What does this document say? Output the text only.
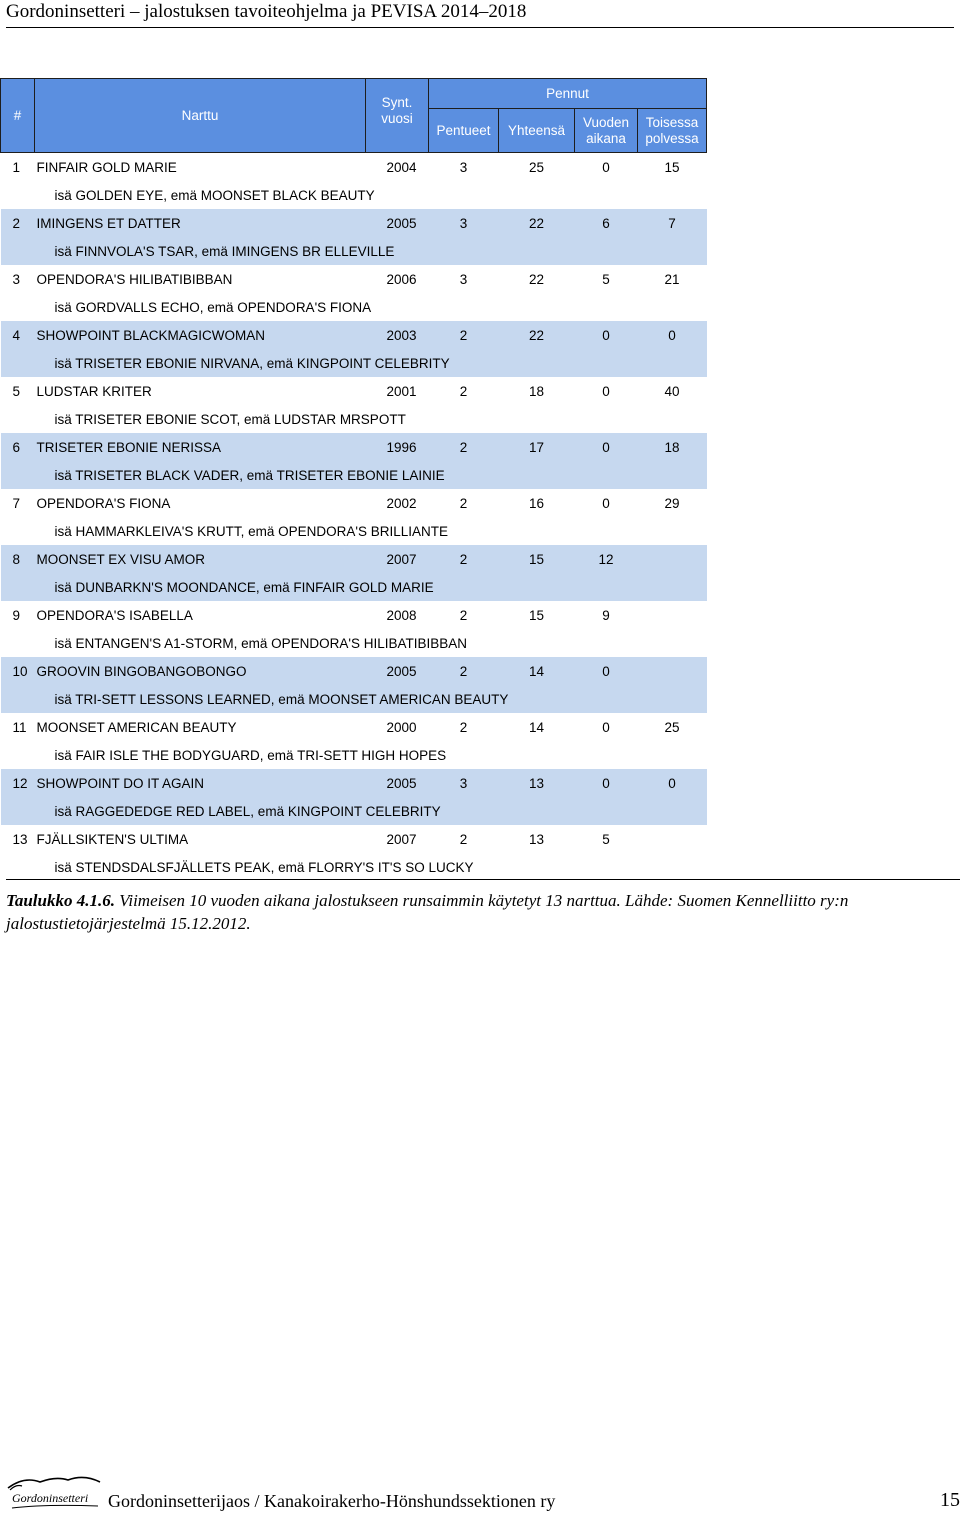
Gordoninsetteri – jalostuksen tavoiteohjelma ja PEVISA 2014–2018
#	Narttu	Synt. vuosi	Pennut			
			Pentueet	Yhteensä	Vuoden aikana	Toisessa polvessa
1	FINFAIR GOLD MARIE	2004	3	25	0	15
isä GOLDEN EYE, emä MOONSET BLACK BEAUTY						
2	IMINGENS ET DATTER	2005	3	22	6	7
isä FINNVOLA'S TSAR, emä IMINGENS BR ELLEVILLE						
3	OPENDORA'S HILIBATIBIBBAN	2006	3	22	5	21
isä GORDVALLS ECHO, emä OPENDORA'S FIONA						
4	SHOWPOINT BLACKMAGICWOMAN	2003	2	22	0	0
isä TRISETER EBONIE NIRVANA, emä KINGPOINT CELEBRITY						
5	LUDSTAR KRITER	2001	2	18	0	40
isä TRISETER EBONIE SCOT, emä LUDSTAR MRSPOTT						
6	TRISETER EBONIE NERISSA	1996	2	17	0	18
isä TRISETER BLACK VADER, emä TRISETER EBONIE LAINIE						
7	OPENDORA'S FIONA	2002	2	16	0	29
isä HAMMARKLEIVA'S KRUTT, emä OPENDORA'S BRILLIANTE						
8	MOONSET EX VISU AMOR	2007	2	15	12	
isä DUNBARKN'S MOONDANCE, emä FINFAIR GOLD MARIE						
9	OPENDORA'S ISABELLA	2008	2	15	9	
isä ENTANGEN'S A1-STORM, emä OPENDORA'S HILIBATIBIBBAN						
10	GROOVIN BINGOBANGOBONGO	2005	2	14	0	
isä TRI-SETT LESSONS LEARNED, emä MOONSET AMERICAN BEAUTY						
11	MOONSET AMERICAN BEAUTY	2000	2	14	0	25
isä FAIR ISLE THE BODYGUARD, emä TRI-SETT HIGH HOPES						
12	SHOWPOINT DO IT AGAIN	2005	3	13	0	0
isä RAGGEDEDGE RED LABEL, emä KINGPOINT CELEBRITY						
13	FJÄLLSIKTEN'S ULTIMA	2007	2	13	5	
isä STENDSDALSFJÄLLETS PEAK, emä FLORRY'S IT'S SO LUCKY						
Taulukko 4.1.6. Viimeisen 10 vuoden aikana jalostukseen runsaimmin käytetyt 13 narttua. Lähde: Suomen Kennelliitto ry:n jalostustietojärjestelmä 15.12.2012.
Gordoninsetteri Gordoninsetterijaos / Kanakoirakerho-Hönshundssektionen ry	15
